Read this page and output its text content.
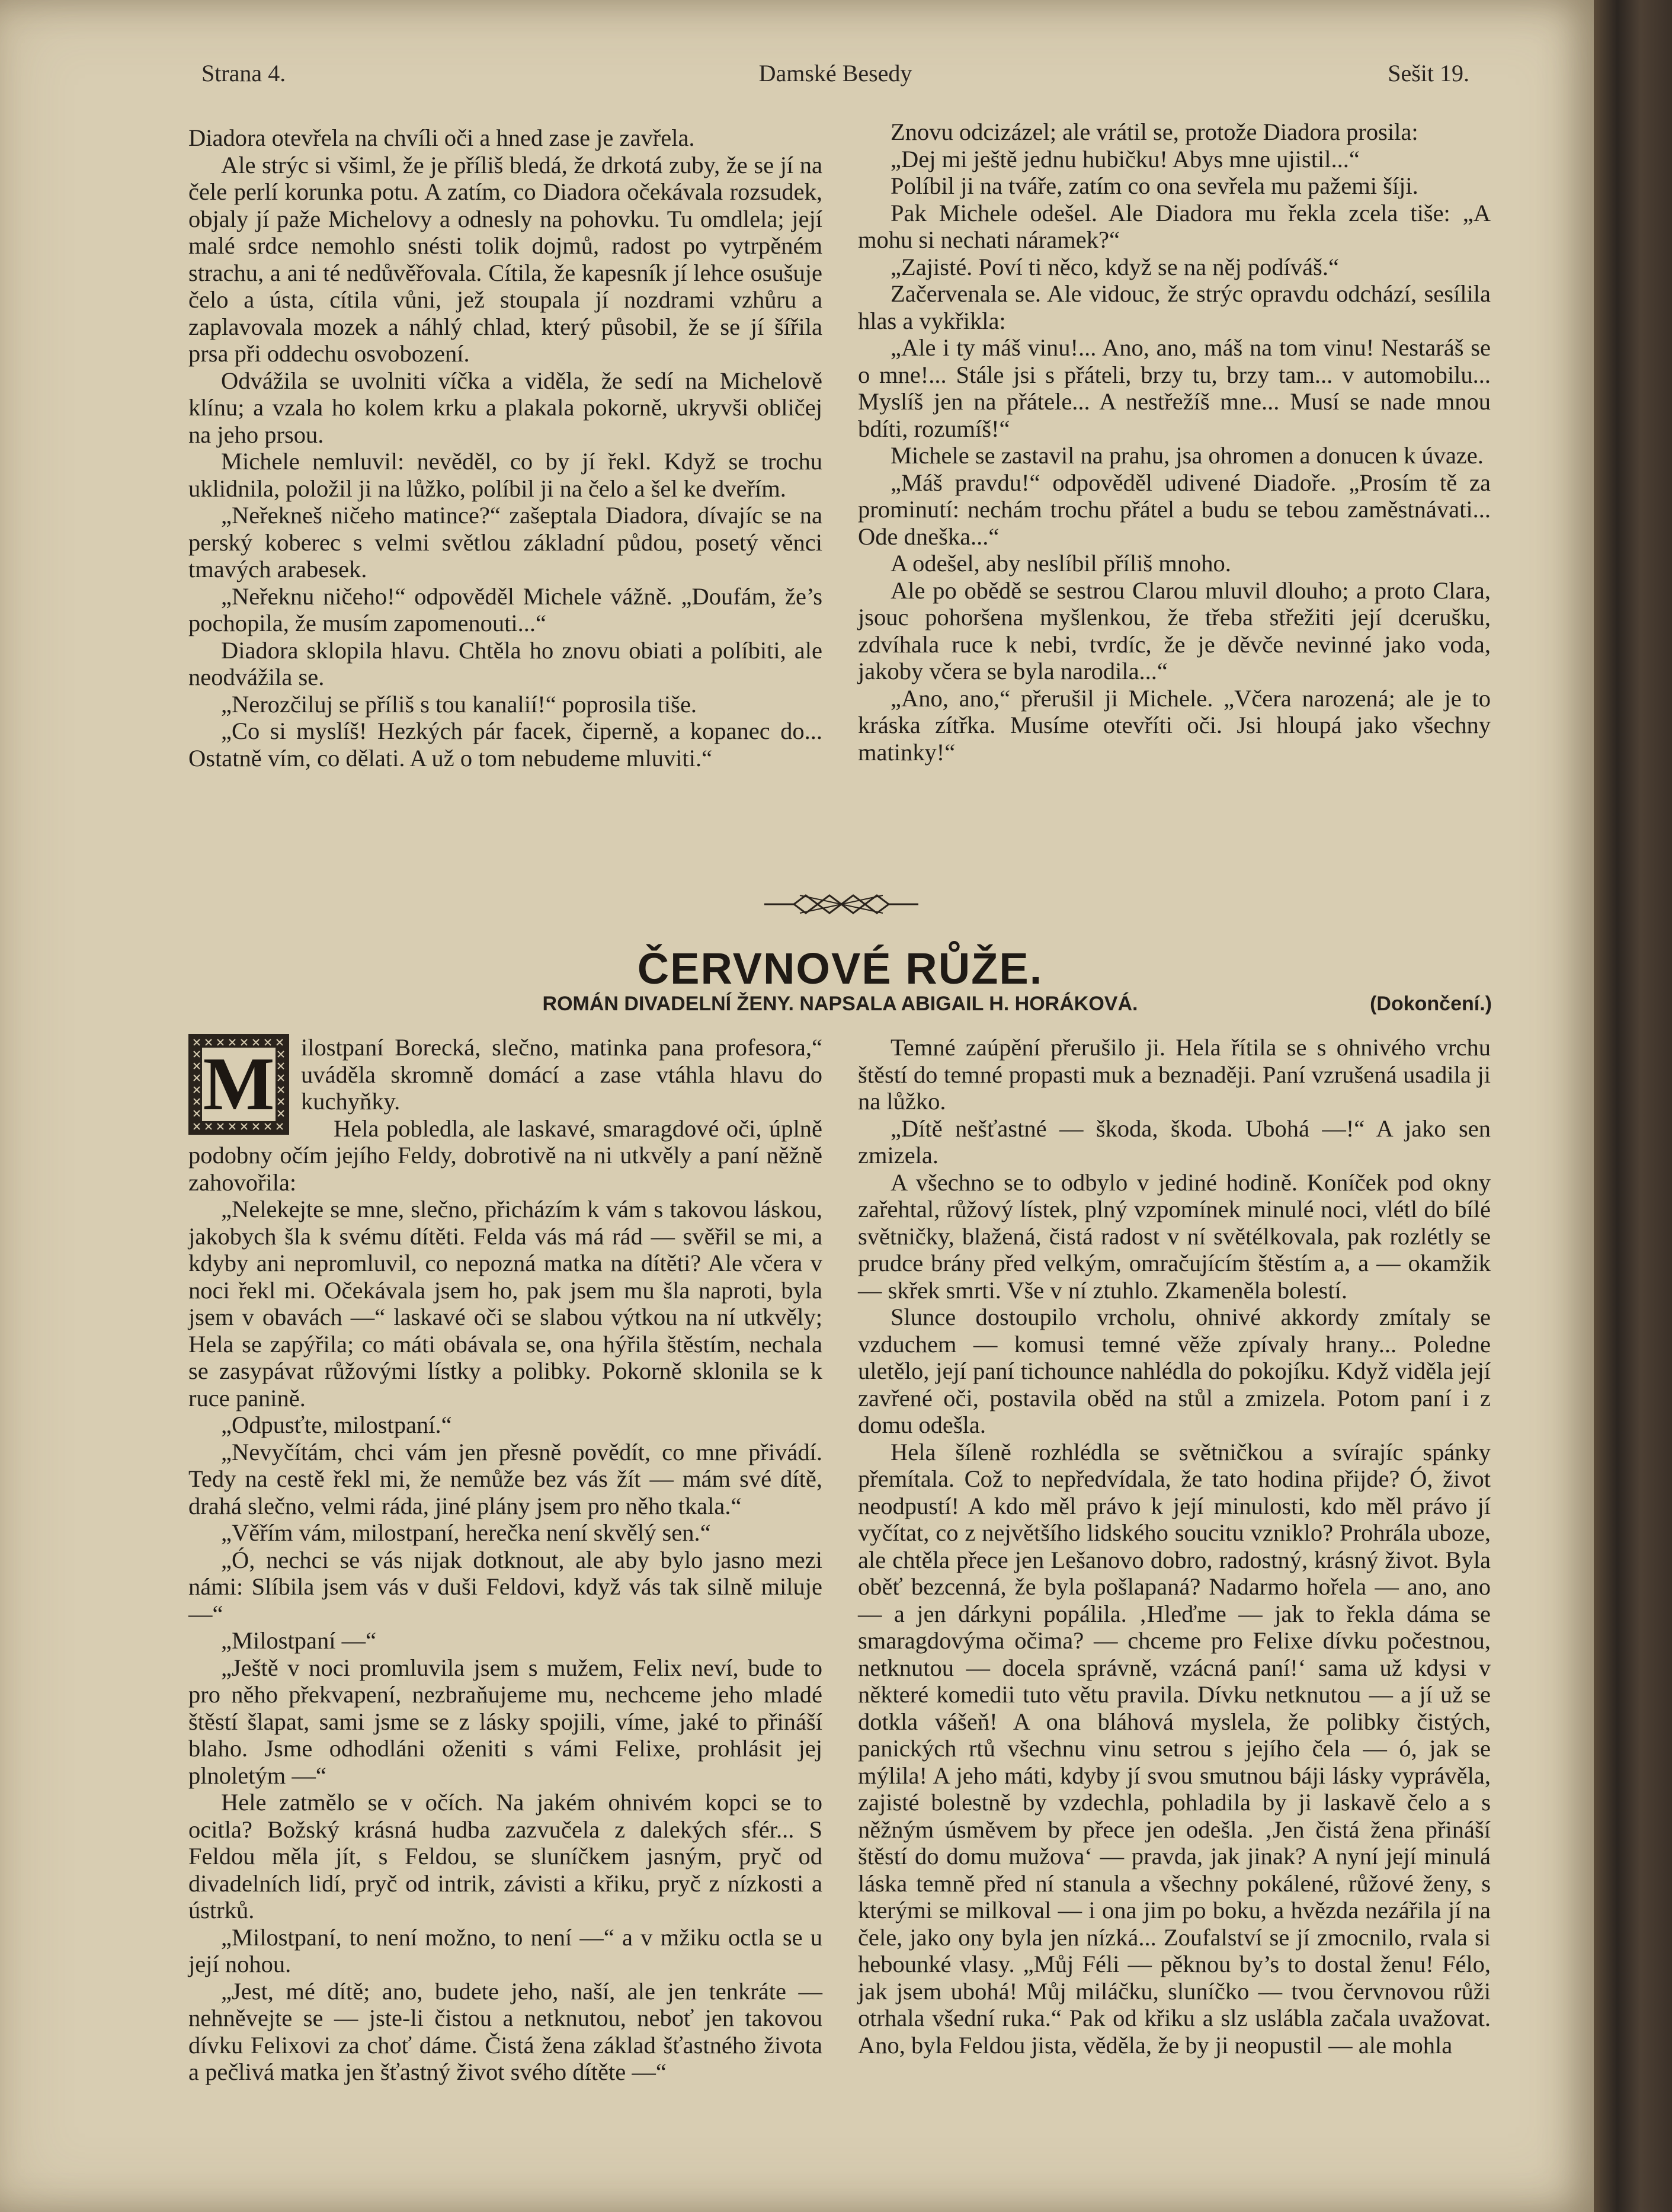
Strana 4.	Damské Besedy	Sešit 19.

Diadora otevřela na chvíli oči a hned zase je zavřela.

Ale strýc si všiml, že je příliš bledá, že drkotá zuby, že se jí na čele perlí korunka potu. A zatím, co Diadora očekávala rozsudek, objaly jí paže Michelovy a odnesly na pohovku. Tu omdlela; její malé srdce nemohlo snésti tolik dojmů, radost po vytrpěném strachu, a ani té nedůvěřovala. Cítila, že kapesník jí lehce osušuje čelo a ústa, cítila vůni, jež stoupala jí nozdrami vzhůru a zaplavovala mozek a náhlý chlad, který působil, že se jí šířila prsa při oddechu osvobození.

Odvážila se uvolniti víčka a viděla, že sedí na Michelově klínu; a vzala ho kolem krku a plakala pokorně, ukryvši obličej na jeho prsou.

Michele nemluvil: nevěděl, co by jí řekl. Když se trochu uklidnila, položil ji na lůžko, políbil ji na čelo a šel ke dveřím.

„Neřekneš ničeho matince?“ zašeptala Diadora, dívajíc se na perský koberec s velmi světlou základní půdou, posetý věnci tmavých arabesek.

„Neřeknu ničeho!“ odpověděl Michele vážně. „Doufám, že’s pochopila, že musím zapomenouti...“

Diadora sklopila hlavu. Chtěla ho znovu obiati a políbiti, ale neodvážila se.

„Nerozčiluj se příliš s tou kanalií!“ poprosila tiše.

„Co si myslíš! Hezkých pár facek, čiperně, a kopanec do... Ostatně vím, co dělati. A už o tom nebudeme mluviti.“

Znovu odcizázel; ale vrátil se, protože Diadora prosila:

„Dej mi ještě jednu hubičku! Abys mne ujistil...“

Políbil ji na tváře, zatím co ona sevřela mu pažemi šíji.

Pak Michele odešel. Ale Diadora mu řekla zcela tiše: „A mohu si nechati náramek?“

„Zajisté. Poví ti něco, když se na něj podíváš.“

Začervenala se. Ale vidouc, že strýc opravdu odchází, sesílila hlas a vykřikla:

„Ale i ty máš vinu!... Ano, ano, máš na tom vinu! Nestaráš se o mne!... Stále jsi s přáteli, brzy tu, brzy tam... v automobilu... Myslíš jen na přátele... A nestřežíš mne... Musí se nade mnou bdíti, rozumíš!“

Michele se zastavil na prahu, jsa ohromen a donucen k úvaze.

„Máš pravdu!“ odpověděl udivené Diadoře. „Prosím tě za prominutí: nechám trochu přátel a budu se tebou zaměstnávati... Ode dneška...“

A odešel, aby neslíbil příliš mnoho.

Ale po obědě se sestrou Clarou mluvil dlouho; a proto Clara, jsouc pohoršena myšlenkou, že třeba střežiti její dcerušku, zdvíhala ruce k nebi, tvrdíc, že je děvče nevinné jako voda, jakoby včera se byla narodila...“

„Ano, ano,“ přerušil ji Michele. „Včera narozená; ale je to kráska zítřka. Musíme otevříti oči. Jsi hloupá jako všechny matinky!“

ČERVNOVÉ RŮŽE.
ROMÁN DIVADELNÍ ŽENY. NAPSALA ABIGAIL H. HORÁKOVÁ.	(Dokončení.)
M	ilostpaní Borecká, slečno, matinka pana profesora,“ uváděla skromně domácí a zase vtáhla hlavu do kuchyňky.

Hela pobledla, ale laskavé, smaragdové oči, úplně podobny očím jejího Feldy, dobrotivě na ni utkvěly a paní něžně zahovořila:

„Nelekejte se mne, slečno, přicházím k vám s takovou láskou, jakobych šla k svému dítěti. Felda vás má rád — svěřil se mi, a kdyby ani nepromluvil, co nepozná matka na dítěti? Ale včera v noci řekl mi. Očekávala jsem ho, pak jsem mu šla naproti, byla jsem v obavách —“ laskavé oči se slabou výtkou na ní utkvěly; Hela se zapýřila; co máti obávala se, ona hýřila štěstím, nechala se zasypávat růžovými lístky a polibky. Pokorně sklonila se k ruce panině.

„Odpusťte, milostpaní.“

„Nevyčítám, chci vám jen přesně povědít, co mne přivádí. Tedy na cestě řekl mi, že nemůže bez vás žít — mám své dítě, drahá slečno, velmi ráda, jiné plány jsem pro něho tkala.“

„Věřím vám, milostpaní, herečka není skvělý sen.“

„Ó, nechci se vás nijak dotknout, ale aby bylo jasno mezi námi: Slíbila jsem vás v duši Feldovi, když vás tak silně miluje —“

„Milostpaní —“

„Ještě v noci promluvila jsem s mužem, Felix neví, bude to pro něho překvapení, nezbraňujeme mu, nechceme jeho mladé štěstí šlapat, sami jsme se z lásky spojili, víme, jaké to přináší blaho. Jsme odhodláni oženiti s vámi Felixe, prohlásit jej plnoletým —“

Hele zatmělo se v očích. Na jakém ohnivém kopci se to ocitla? Božský krásná hudba zazvučela z dalekých sfér... S Feldou měla jít, s Feldou, se sluníčkem jasným, pryč od divadelních lidí, pryč od intrik, závisti a křiku, pryč z nízkosti a ústrků.

„Milostpaní, to není možno, to není —“ a v mžiku octla se u její nohou.

„Jest, mé dítě; ano, budete jeho, naší, ale jen tenkráte — nehněvejte se — jste-li čistou a netknutou, neboť jen takovou dívku Felixovi za choť dáme. Čistá žena základ šťastného života a pečlivá matka jen šťastný život svého dítěte —“

Temné zaúpění přerušilo ji. Hela řítila se s ohnivého vrchu štěstí do temné propasti muk a beznaději. Paní vzrušená usadila ji na lůžko.

„Dítě nešťastné — škoda, škoda. Ubohá —!“ A jako sen zmizela.

A všechno se to odbylo v jediné hodině. Koníček pod okny zařehtal, růžový lístek, plný vzpomínek minulé noci, vlétl do bílé světničky, blažená, čistá radost v ní světélkovala, pak rozlétly se prudce brány před velkým, omračujícím štěstím a, a — okamžik — skřek smrti. Vše v ní ztuhlo. Zkameněla bolestí.

Slunce dostoupilo vrcholu, ohnivé akkordy zmítaly se vzduchem — komusi temné věže zpívaly hrany... Poledne uletělo, její paní tichounce nahlédla do pokojíku. Když viděla její zavřené oči, postavila oběd na stůl a zmizela. Potom paní i z domu odešla.

Hela šíleně rozhlédla se světničkou a svírajíc spánky přemítala. Což to nepředvídala, že tato hodina přijde? Ó, život neodpustí! A kdo měl právo k její minulosti, kdo měl právo jí vyčítat, co z největšího lidského soucitu vzniklo? Prohrála uboze, ale chtěla přece jen Lešanovo dobro, radostný, krásný život. Byla oběť bezcenná, že byla pošlapaná? Nadarmo hořela — ano, ano — a jen dárkyni popálila. ‚Hleďme — jak to řekla dáma se smaragdovýma očima? — chceme pro Felixe dívku počestnou, netknutou — docela správně, vzácná paní!‘ sama už kdysi v některé komedii tuto větu pravila. Dívku netknutou — a jí už se dotkla vášeň! A ona bláhová myslela, že polibky čistých, panických rtů všechnu vinu setrou s jejího čela — ó, jak se mýlila! A jeho máti, kdyby jí svou smutnou báji lásky vyprávěla, zajisté bolestně by vzdechla, pohladila by ji laskavě čelo a s něžným úsměvem by přece jen odešla. ‚Jen čistá žena přináší štěstí do domu mužova‘ — pravda, jak jinak? A nyní její minulá láska temně před ní stanula a všechny pokálené, růžové ženy, s kterými se milkoval — i ona jim po boku, a hvězda nezářila jí na čele, jako ony byla jen nízká... Zoufalství se jí zmocnilo, rvala si hebounké vlasy. „Můj Féli — pěknou by’s to dostal ženu! Félo, jak jsem ubohá! Můj miláčku, sluníčko — tvou červnovou růži otrhala všední ruka.“ Pak od křiku a slz uslábla začala uvažovat. Ano, byla Feldou jista, věděla, že by ji neopustil — ale mohla
